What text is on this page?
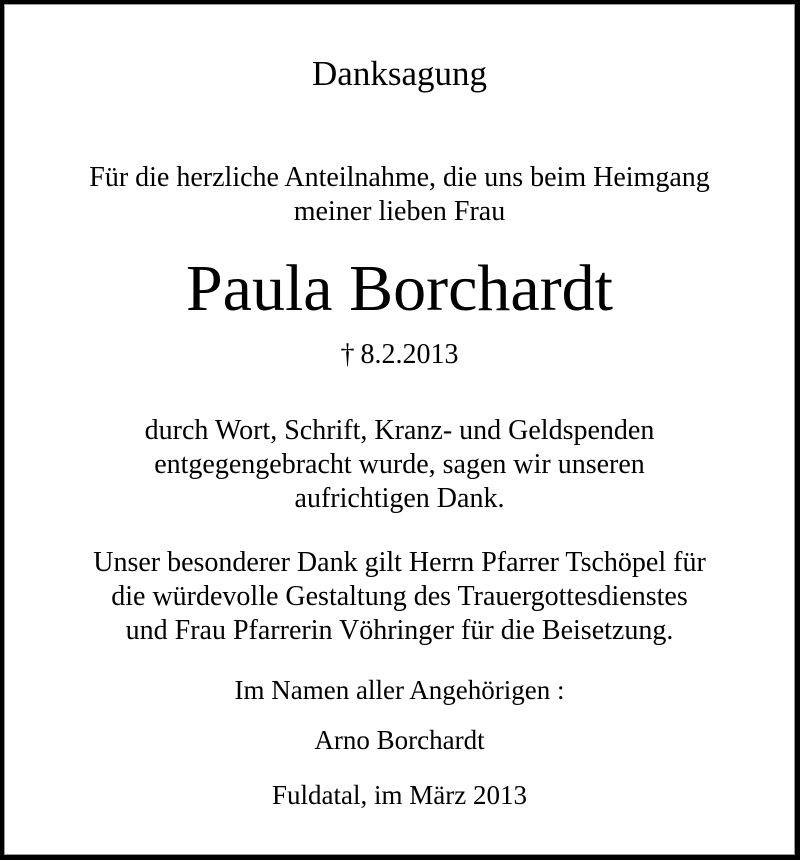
Danksagung
Für die herzliche Anteilnahme, die uns beim Heimgang
meiner lieben Frau
Paula Borchardt
† 8.2.2013
durch Wort, Schrift, Kranz- und Geldspenden
entgegengebracht wurde, sagen wir unseren
aufrichtigen Dank.
Unser besonderer Dank gilt Herrn Pfarrer Tschöpel für
die würdevolle Gestaltung des Trauergottesdienstes
und Frau Pfarrerin Vöhringer für die Beisetzung.
Im Namen aller Angehörigen :
Arno Borchardt
Fuldatal, im März 2013
